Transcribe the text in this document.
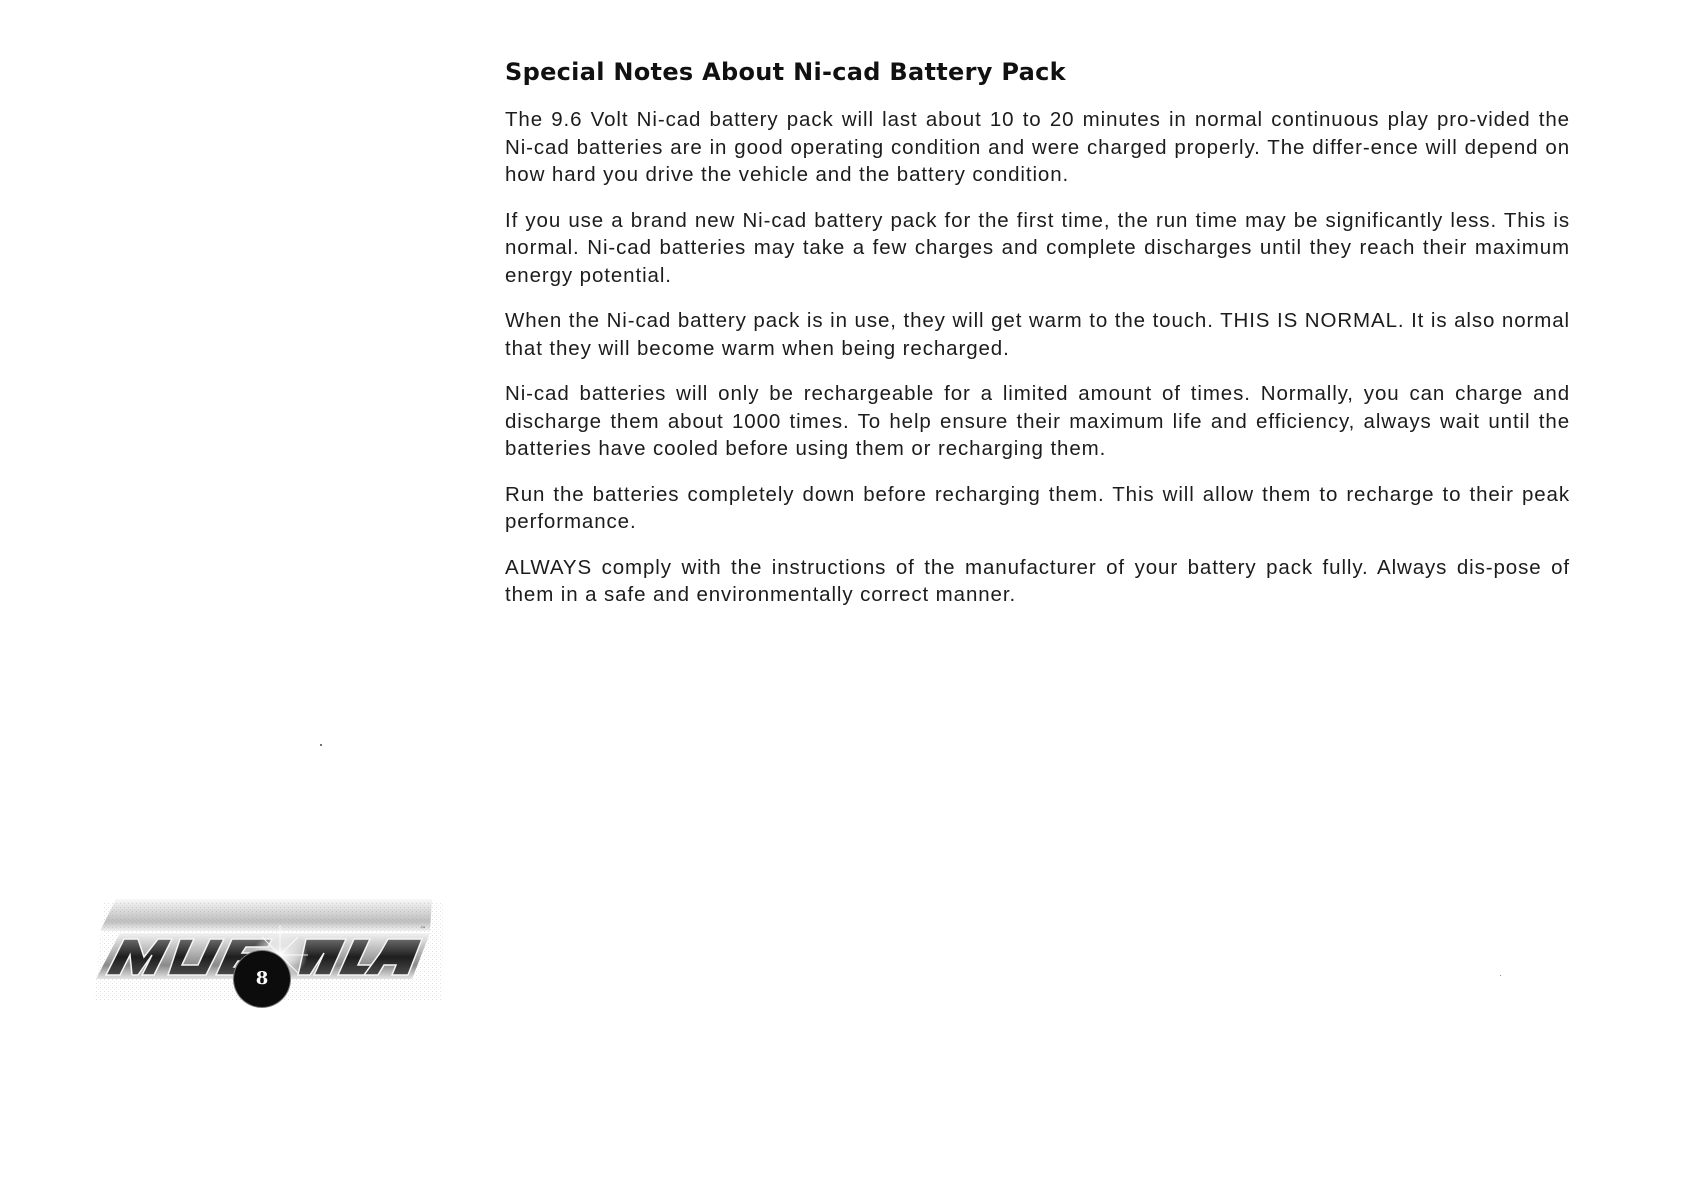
Special Notes About Ni-cad Battery Pack

The 9.6 Volt Ni-cad battery pack will last about 10 to 20 minutes in normal continuous play pro-vided the Ni-cad batteries are in good operating condition and were charged properly. The differ-ence will depend on how hard you drive the vehicle and the battery condition.

If you use a brand new Ni-cad battery pack for the first time, the run time may be significantly less. This is normal. Ni-cad batteries may take a few charges and complete discharges until they reach their maximum energy potential.

When the Ni-cad battery pack is in use, they will get warm to the touch. THIS IS NORMAL. It is also normal that they will become warm when being recharged.

Ni-cad batteries will only be rechargeable for a limited amount of times. Normally, you can charge and discharge them about 1000 times. To help ensure their maximum life and efficiency, always wait until the batteries have cooled before using them or recharging them.

Run the batteries completely down before recharging them. This will allow them to recharge to their peak performance.

ALWAYS comply with the instructions of the manufacturer of your battery pack fully. Always dis-pose of them in a safe and environmentally correct manner.

™
8
